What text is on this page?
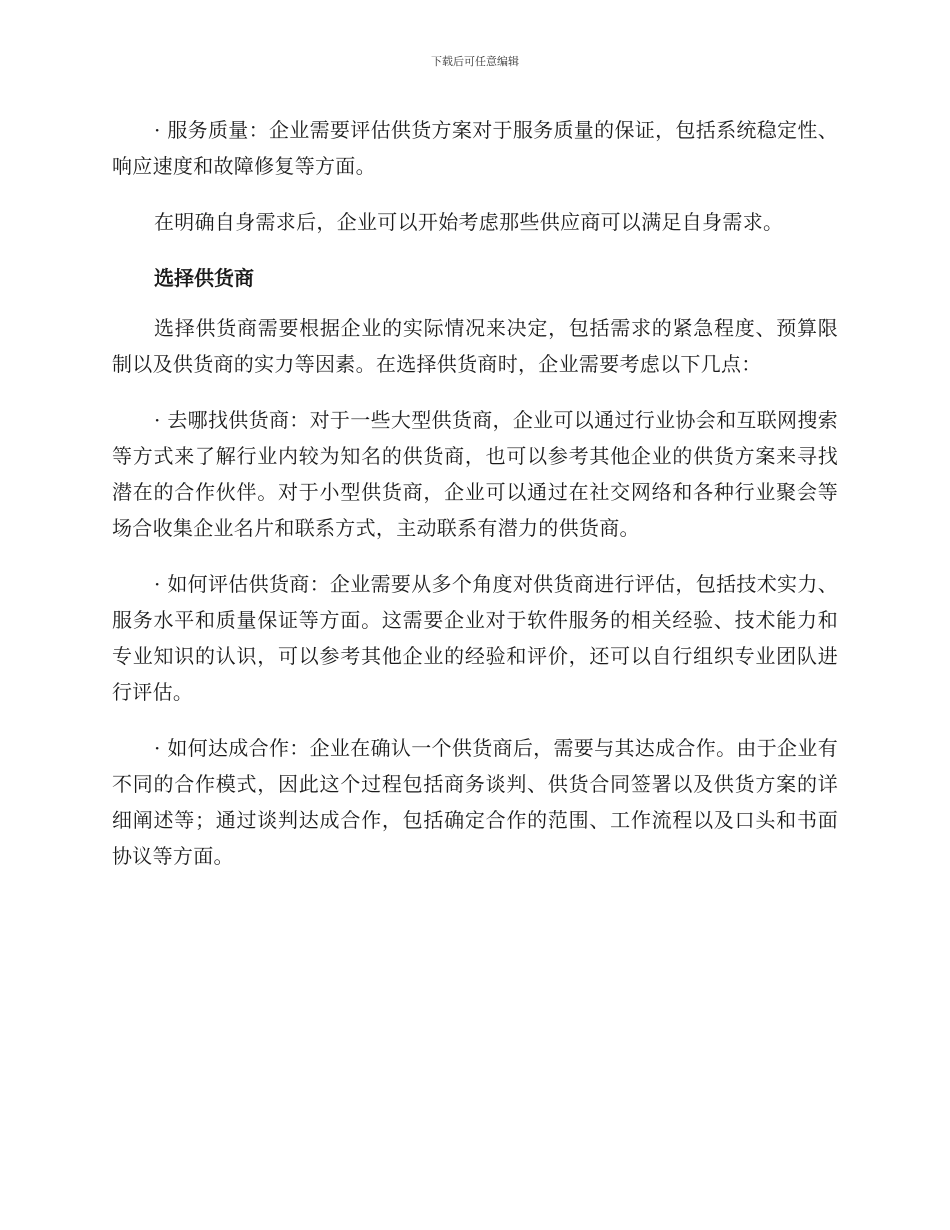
下载后可任意编辑

· 服务质量：企业需要评估供货方案对于服务质量的保证，包括系统稳定性、响应速度和故障修复等方面。

在明确自身需求后，企业可以开始考虑那些供应商可以满足自身需求。

选择供货商

选择供货商需要根据企业的实际情况来决定，包括需求的紧急程度、预算限制以及供货商的实力等因素。在选择供货商时，企业需要考虑以下几点：

· 去哪找供货商：对于一些大型供货商，企业可以通过行业协会和互联网搜索等方式来了解行业内较为知名的供货商，也可以参考其他企业的供货方案来寻找潜在的合作伙伴。对于小型供货商，企业可以通过在社交网络和各种行业聚会等场合收集企业名片和联系方式，主动联系有潜力的供货商。

· 如何评估供货商：企业需要从多个角度对供货商进行评估，包括技术实力、服务水平和质量保证等方面。这需要企业对于软件服务的相关经验、技术能力和专业知识的认识，可以参考其他企业的经验和评价，还可以自行组织专业团队进行评估。

· 如何达成合作：企业在确认一个供货商后，需要与其达成合作。由于企业有不同的合作模式，因此这个过程包括商务谈判、供货合同签署以及供货方案的详细阐述等；通过谈判达成合作，包括确定合作的范围、工作流程以及口头和书面协议等方面。
